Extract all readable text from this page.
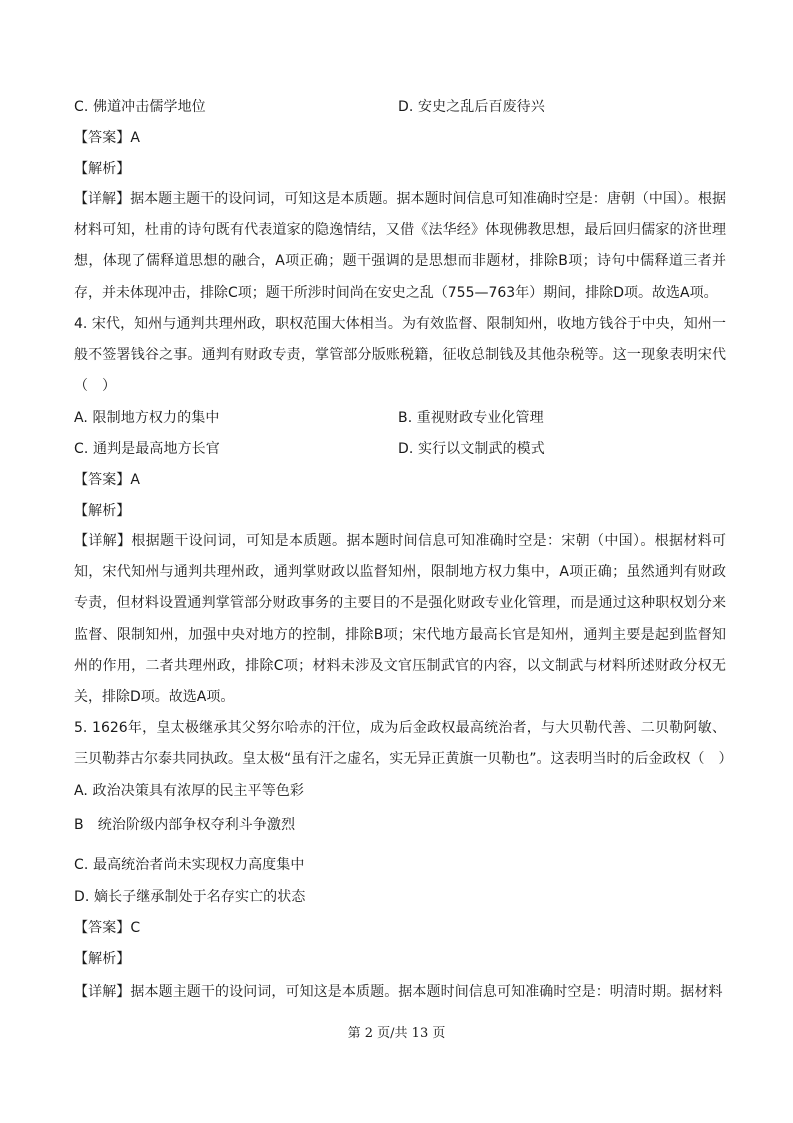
C. 佛道冲击儒学地位	D. 安史之乱后百废待兴
【答案】A
【解析】
【详解】据本题主题干的设问词，可知这是本质题。据本题时间信息可知准确时空是：唐朝（中国）。根据材料可知，杜甫的诗句既有代表道家的隐逸情结，又借《法华经》体现佛教思想，最后回归儒家的济世理想，体现了儒释道思想的融合，A项正确；题干强调的是思想而非题材，排除B项；诗句中儒释道三者并存，并未体现冲击，排除C项；题干所涉时间尚在安史之乱（755—763年）期间，排除D项。故选A项。
4. 宋代，知州与通判共理州政，职权范围大体相当。为有效监督、限制知州，收地方钱谷于中央，知州一般不签署钱谷之事。通判有财政专责，掌管部分版账税籍，征收总制钱及其他杂税等。这一现象表明宋代（　）
A. 限制地方权力的集中	B. 重视财政专业化管理
C. 通判是最高地方长官	D. 实行以文制武的模式
【答案】A
【解析】
【详解】根据题干设问词，可知是本质题。据本题时间信息可知准确时空是：宋朝（中国）。根据材料可知，宋代知州与通判共理州政，通判掌财政以监督知州，限制地方权力集中，A项正确；虽然通判有财政专责，但材料设置通判掌管部分财政事务的主要目的不是强化财政专业化管理，而是通过这种职权划分来监督、限制知州，加强中央对地方的控制，排除B项；宋代地方最高长官是知州，通判主要是起到监督知州的作用，二者共理州政，排除C项；材料未涉及文官压制武官的内容，以文制武与材料所述财政分权无关，排除D项。故选A项。
5. 1626年，皇太极继承其父努尔哈赤的汗位，成为后金政权最高统治者，与大贝勒代善、二贝勒阿敏、三贝勒莽古尔泰共同执政。皇太极“虽有汗之虚名，实无异正黄旗一贝勒也”。这表明当时的后金政权（　）
A. 政治决策具有浓厚的民主平等色彩
B　统治阶级内部争权夺利斗争激烈
C. 最高统治者尚未实现权力高度集中
D. 嫡长子继承制处于名存实亡的状态
【答案】C
【解析】
【详解】据本题主题干的设问词，可知这是本质题。据本题时间信息可知准确时空是：明清时期。据材料
第 2 页/共 13 页
